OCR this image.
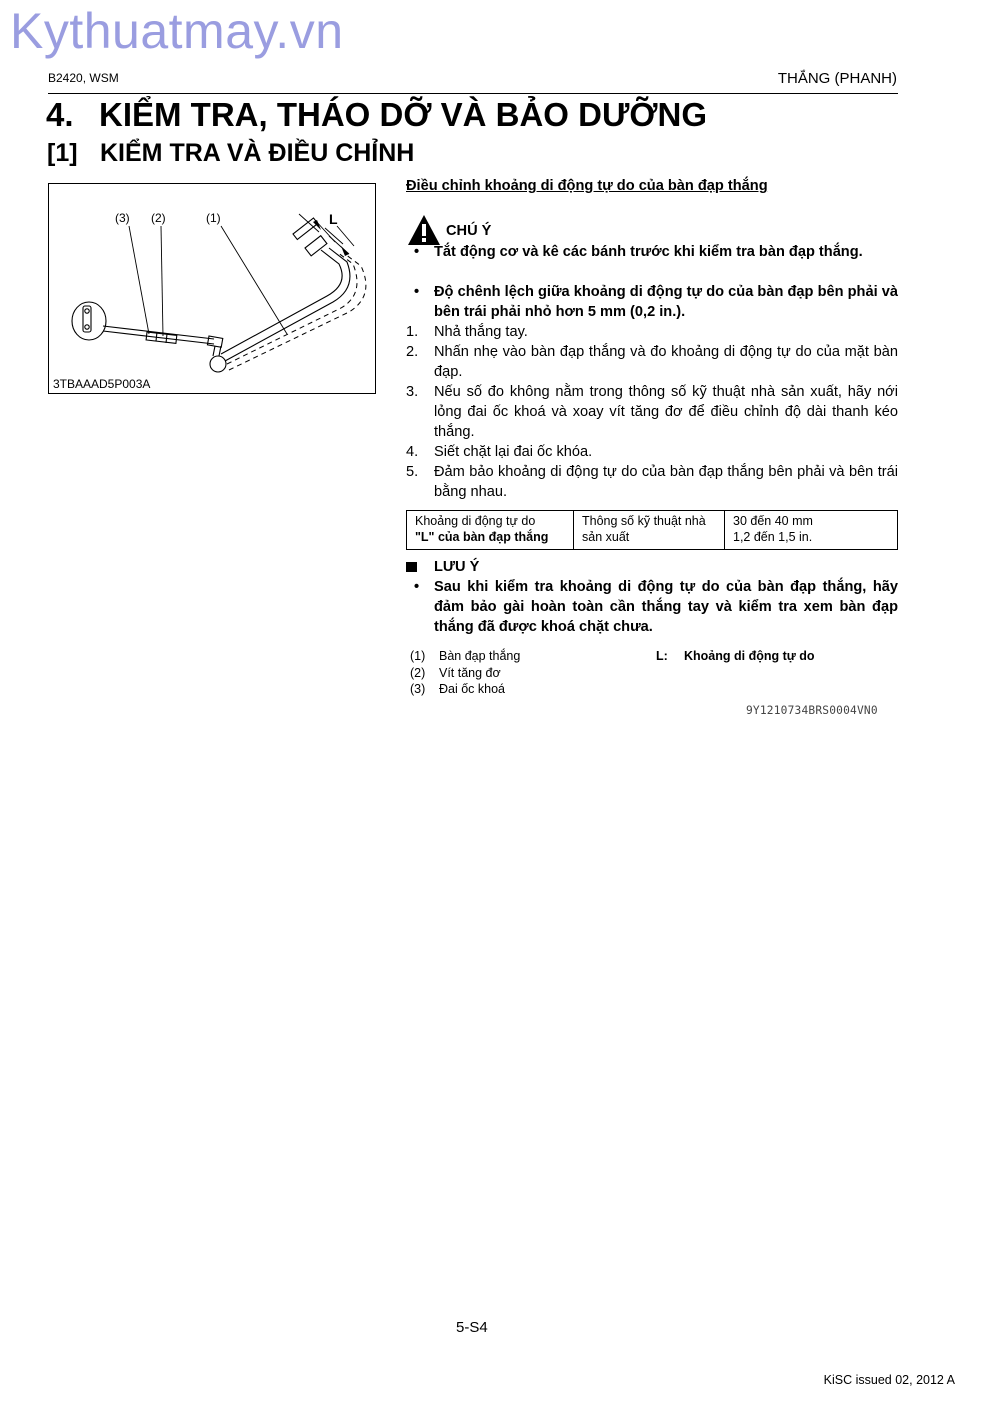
Kythuatmay.vn
B2420, WSM	THẮNG (PHANH)
4. KIỂM TRA, THÁO DỠ VÀ BẢO DƯỠNG
[1] KIỂM TRA VÀ ĐIỀU CHỈNH
(3) (2)	(1)	L
3TBAAAD5P003A
Điều chỉnh khoảng di động tự do của bàn đạp thắng
CHÚ Ý
•	Tắt động cơ và kê các bánh trước khi kiểm tra bàn đạp thắng.
•	Độ chênh lệch giữa khoảng di động tự do của bàn đạp bên phải và bên trái phải nhỏ hơn 5 mm (0,2 in.).
1.	Nhả thắng tay.
2.	Nhấn nhẹ vào bàn đạp thắng và đo khoảng di động tự do của mặt bàn đạp.
3.	Nếu số đo không nằm trong thông số kỹ thuật nhà sản xuất, hãy nới lỏng đai ốc khoá và xoay vít tăng đơ để điều chỉnh độ dài thanh kéo thắng.
4.	Siết chặt lại đai ốc khóa.
5.	Đảm bảo khoảng di động tự do của bàn đạp thắng bên phải và bên trái bằng nhau.
Khoảng di động tự do
"L" của bàn đạp thắng

Thông số kỹ thuật nhà
sản xuất

30 đến 40 mm
1,2 đến 1,5 in.
LƯU Ý
•	Sau khi kiểm tra khoảng di động tự do của bàn đạp thắng, hãy đảm bảo gài hoàn toàn cần thắng tay và kiểm tra xem bàn đạp thắng đã được khoá chặt chưa.
(1) Bàn đạp thắng
(2) Vít tăng đơ
(3) Đai ốc khoá
L: Khoảng di động tự do
9Y1210734BRS0004VN0
5-S4
KiSC issued 02, 2012 A
